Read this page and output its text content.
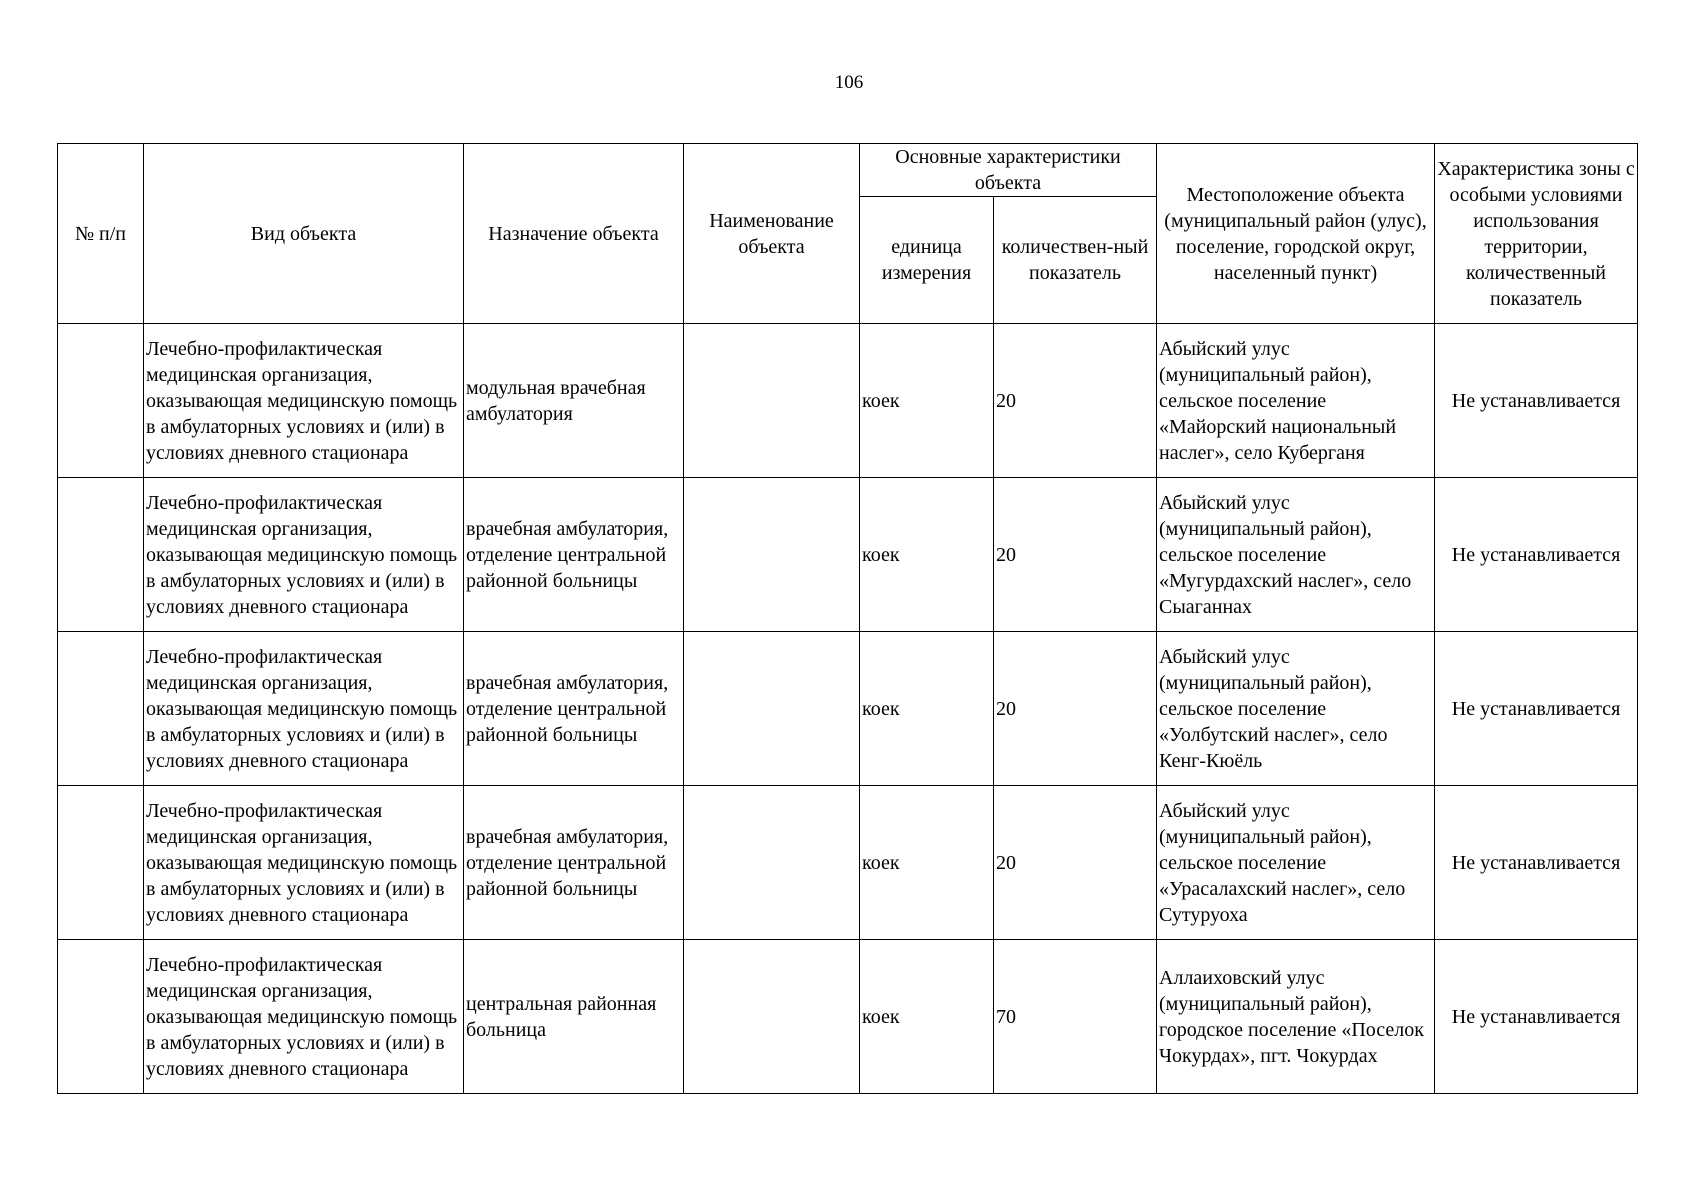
106
№ п/п	Вид объекта	Назначение объекта	Наименование объекта	Основные характеристики объекта		Местоположение объекта (муниципальный район (улус), поселение, городской округ, населенный пункт)	Характеристика зоны с особыми условиями использования территории, количественный показатель
				единица измерения	количествен-ный показатель		
	Лечебно-профилактическая медицинская организация, оказывающая медицинскую помощь в амбулаторных условиях и (или) в условиях дневного стационара	модульная врачебная амбулатория		коек	20	Абыйский улус (муниципальный район), сельское поселение «Майорский национальный наслег», село Куберганя	Не устанавливается
	Лечебно-профилактическая медицинская организация, оказывающая медицинскую помощь в амбулаторных условиях и (или) в условиях дневного стационара	врачебная амбулатория, отделение центральной районной больницы		коек	20	Абыйский улус (муниципальный район), сельское поселение «Мугурдахский наслег», село Сыаганнах	Не устанавливается
	Лечебно-профилактическая медицинская организация, оказывающая медицинскую помощь в амбулаторных условиях и (или) в условиях дневного стационара	врачебная амбулатория, отделение центральной районной больницы		коек	20	Абыйский улус (муниципальный район), сельское поселение «Уолбутский наслег», село Кенг-Кюёль	Не устанавливается
	Лечебно-профилактическая медицинская организация, оказывающая медицинскую помощь в амбулаторных условиях и (или) в условиях дневного стационара	врачебная амбулатория, отделение центральной районной больницы		коек	20	Абыйский улус (муниципальный район), сельское поселение «Урасалахский наслег», село Сутуруоха	Не устанавливается
	Лечебно-профилактическая медицинская организация, оказывающая медицинскую помощь в амбулаторных условиях и (или) в условиях дневного стационара	центральная районная больница		коек	70	Аллаиховский улус (муниципальный район), городское поселение «Поселок Чокурдах», пгт. Чокурдах	Не устанавливается
